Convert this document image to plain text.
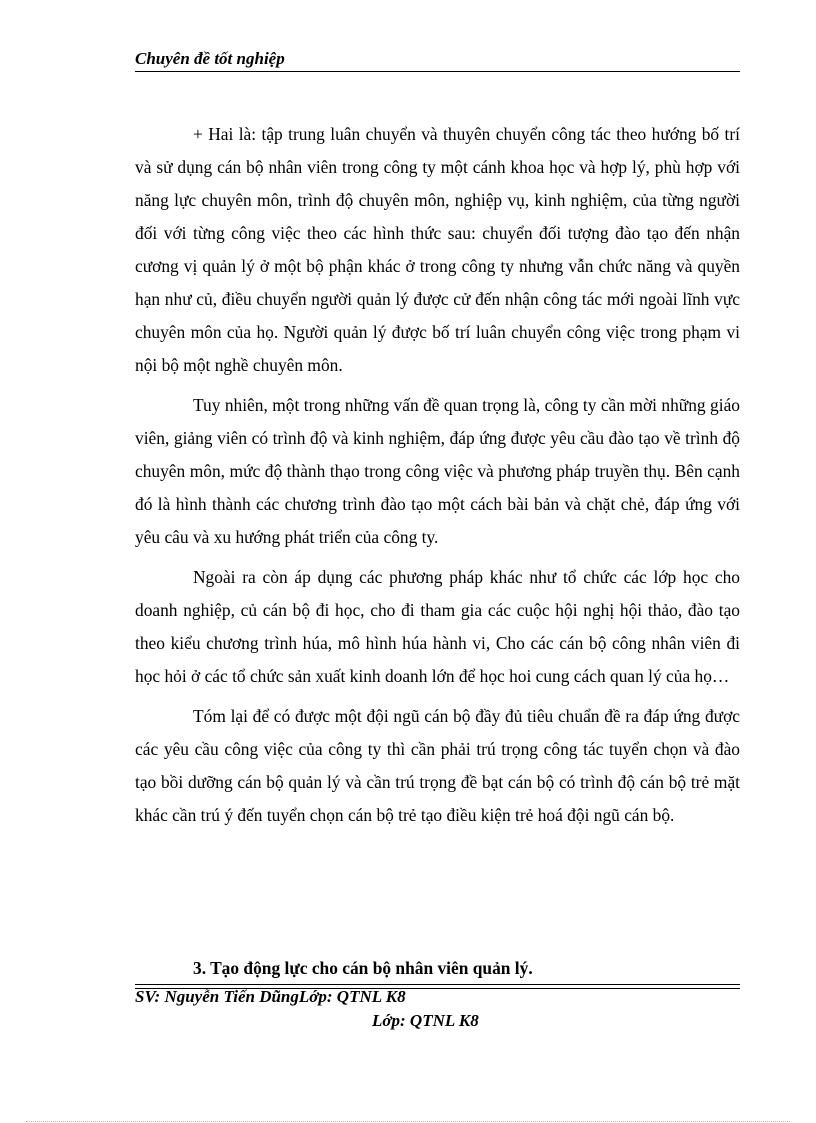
Chuyên đề tốt nghiệp

+ Hai là: tập trung luân chuyển và thuyên chuyển công tác theo hướng bố trí và sử dụng cán bộ nhân viên trong công ty một cánh khoa học và hợp lý, phù hợp với năng lực chuyên môn, trình độ chuyên môn, nghiệp vụ, kinh nghiệm, của từng người đối với từng công việc theo các hình thức sau: chuyển đối tượng đào tạo đến nhận cương vị quản lý ở một bộ phận khác ở trong công ty nhưng vẫn chức năng và quyền hạn như củ, điều chuyển người quản lý được cử đến nhận công tác mới ngoài lĩnh vực chuyên môn của họ. Người quản lý được bố trí luân chuyển công việc trong phạm vi nội bộ một nghề chuyên môn.

Tuy nhiên, một trong những vấn đề quan trọng là, công ty cần mời những giáo viên, giảng viên có trình độ và kinh nghiệm, đáp ứng được yêu cầu đào tạo về trình độ chuyên môn, mức độ thành thạo trong công việc và phương pháp truyền thụ. Bên cạnh đó là hình thành các chương trình đào tạo một cách bài bản và chặt chẻ, đáp ứng với yêu câu và xu hướng phát triển của công ty.

Ngoài ra còn áp dụng các phương pháp khác như tổ chức các lớp học cho doanh nghiệp, củ cán bộ đi học, cho đi tham gia các cuộc hội nghị hội thảo, đào tạo theo kiểu chương trình húa, mô hình húa hành vi, Cho các cán bộ công nhân viên đi học hỏi ở các tổ chức sản xuất kinh doanh lớn để học hoi cung cách quan lý của họ…

Tóm lại để có được một đội ngũ cán bộ đầy đủ tiêu chuẩn đề ra đáp ứng được các yêu cầu công việc của công ty thì cần phải trú trọng công tác tuyển chọn và đào tạo bồi dưỡng cán bộ quản lý và cần trú trọng đề bạt cán bộ có trình độ cán bộ trẻ mặt khác cần trú ý đến tuyển chọn cán bộ trẻ tạo điều kiện trẻ hoá đội ngũ cán bộ.

3. Tạo động lực cho cán bộ nhân viên quản lý.
SV: Nguyễn Tiến DũngLớp: QTNL K8
Lớp: QTNL K8
